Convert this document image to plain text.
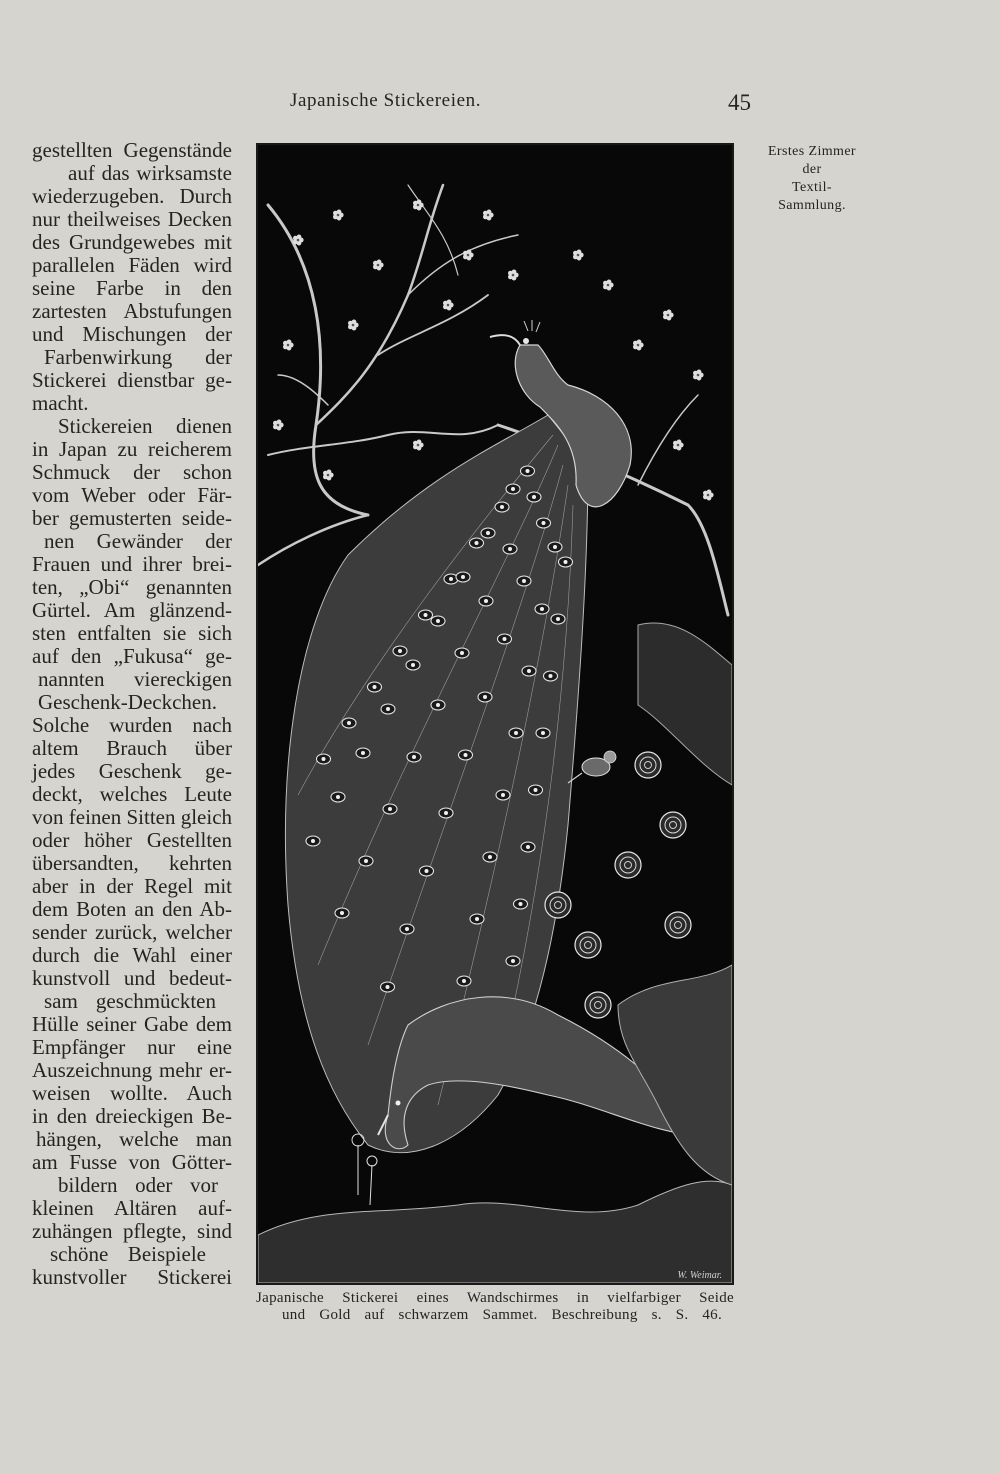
Japanische Stickereien.	45
Erstes Zimmer
der
Textil-
Sammlung.
gestellten Gegenstände
auf das wirksamste
wiederzugeben. Durch
nur theilweises Decken
des Grundgewebes mit
parallelen Fäden wird
seine Farbe in den
zartesten Abstufungen
und Mischungen der
Farbenwirkung der
Stickerei dienstbar ge-
macht.
Stickereien dienen
in Japan zu reicherem
Schmuck der schon
vom Weber oder Fär-
ber gemusterten seide-
nen Gewänder der
Frauen und ihrer brei-
ten, „Obi“ genannten
Gürtel. Am glänzend-
sten entfalten sie sich
auf den „Fukusa“ ge-
nannten viereckigen
Geschenk-Deckchen.
Solche wurden nach
altem Brauch über
jedes Geschenk ge-
deckt, welches Leute
von feinen Sitten gleich
oder höher Gestellten
übersandten, kehrten
aber in der Regel mit
dem Boten an den Ab-
sender zurück, welcher
durch die Wahl einer
kunstvoll und bedeut-
sam geschmückten
Hülle seiner Gabe dem
Empfänger nur eine
Auszeichnung mehr er-
weisen wollte. Auch
in den dreieckigen Be-
hängen, welche man
am Fusse von Götter-
bildern oder vor
kleinen Altären auf-
zuhängen pflegte, sind
schöne Beispiele
kunstvoller Stickerei	W. Weimar.
Japanische Stickerei eines Wandschirmes in vielfarbiger Seide
und Gold auf schwarzem Sammet. Beschreibung s. S. 46.
